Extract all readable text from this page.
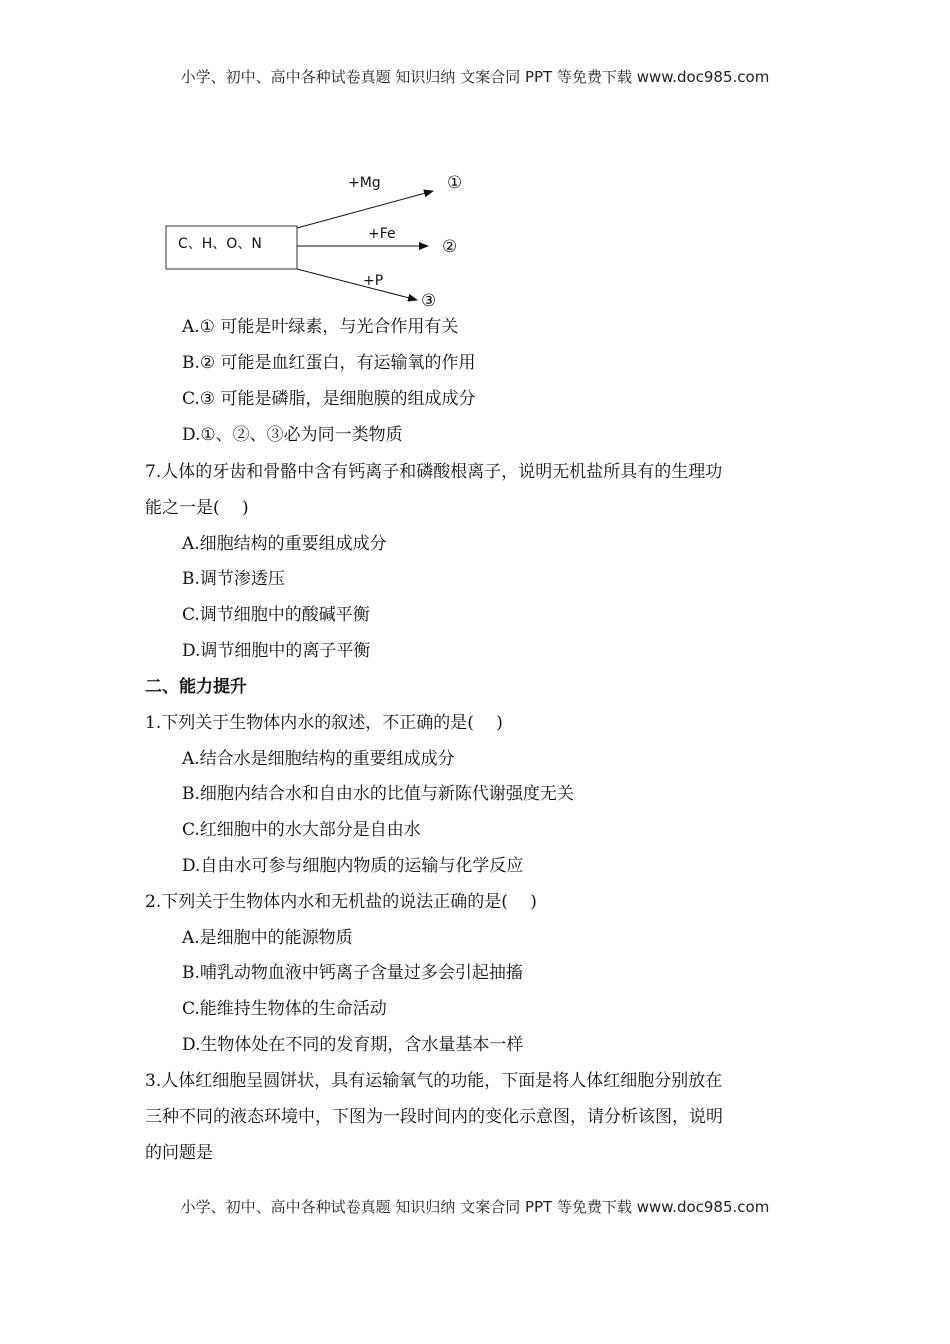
小学、初中、高中各种试卷真题 知识归纳 文案合同 PPT 等免费下载 www.doc985.com
C、H、O、N
+Mg	①
+Fe
②
+P
③
A.① 可能是叶绿素，与光合作用有关
B.② 可能是血红蛋白，有运输氧的作用
C.③ 可能是磷脂，是细胞膜的组成成分
D.①、②、③必为同一类物质
7.人体的牙齿和骨骼中含有钙离子和磷酸根离子，说明无机盐所具有的生理功
能之一是(　 )
A.细胞结构的重要组成成分
B.调节渗透压
C.调节细胞中的酸碱平衡
D.调节细胞中的离子平衡
二、能力提升
1.下列关于生物体内水的叙述，不正确的是(　 )
A.结合水是细胞结构的重要组成成分
B.细胞内结合水和自由水的比值与新陈代谢强度无关
C.红细胞中的水大部分是自由水
D.自由水可参与细胞内物质的运输与化学反应
2.下列关于生物体内水和无机盐的说法正确的是(　 )
A.是细胞中的能源物质
B.哺乳动物血液中钙离子含量过多会引起抽搐
C.能维持生物体的生命活动
D.生物体处在不同的发育期，含水量基本一样
3.人体红细胞呈圆饼状，具有运输氧气的功能，下面是将人体红细胞分别放在
三种不同的液态环境中，下图为一段时间内的变化示意图，请分析该图，说明
的问题是
小学、初中、高中各种试卷真题 知识归纳 文案合同 PPT 等免费下载 www.doc985.com
